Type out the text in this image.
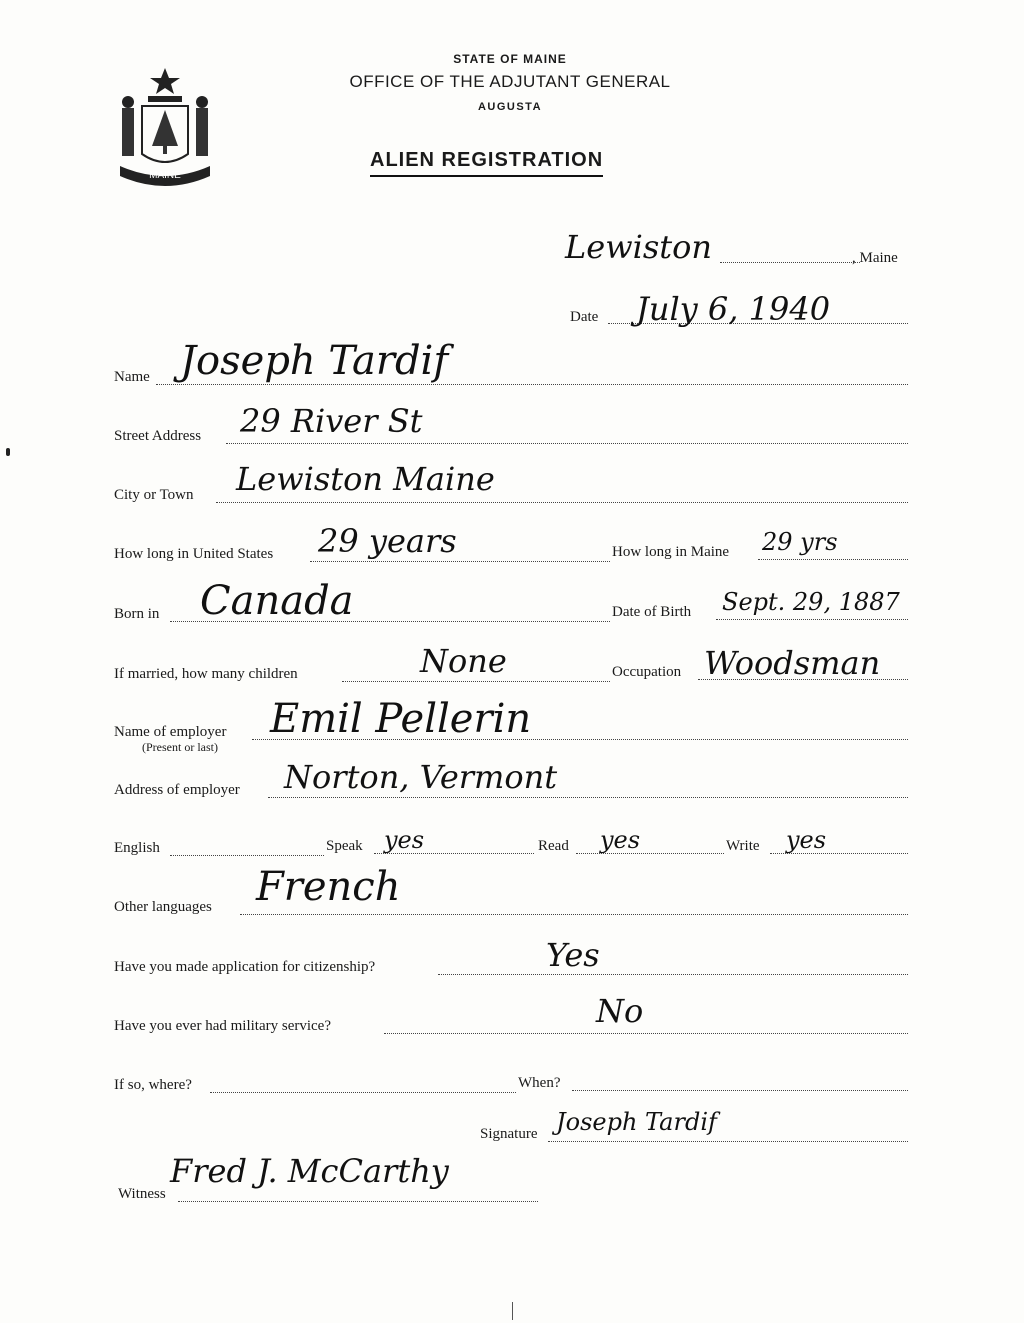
MAINE
STATE OF MAINE
OFFICE OF THE ADJUTANT GENERAL
AUGUSTA
ALIEN REGISTRATION
Lewiston	, Maine
Date July 6, 1940
Name Joseph Tardif
Street Address 29 River St
City or Town Lewiston Maine
How long in United States 29 years	How long in Maine 29 yrs
Born in Canada	Date of Birth Sept. 29, 1887
If married, how many children	None	Occupation Woodsman
Name of employer
(Present or last)
Emil Pellerin
Address of employer Norton, Vermont
English	Speak yes	Read yes	Write yes
Other languages French
Have you made application for citizenship?	Yes
Have you ever had military service?	No
If so, where?	When?
Signature Joseph Tardif
Witness
Fred J. McCarthy
